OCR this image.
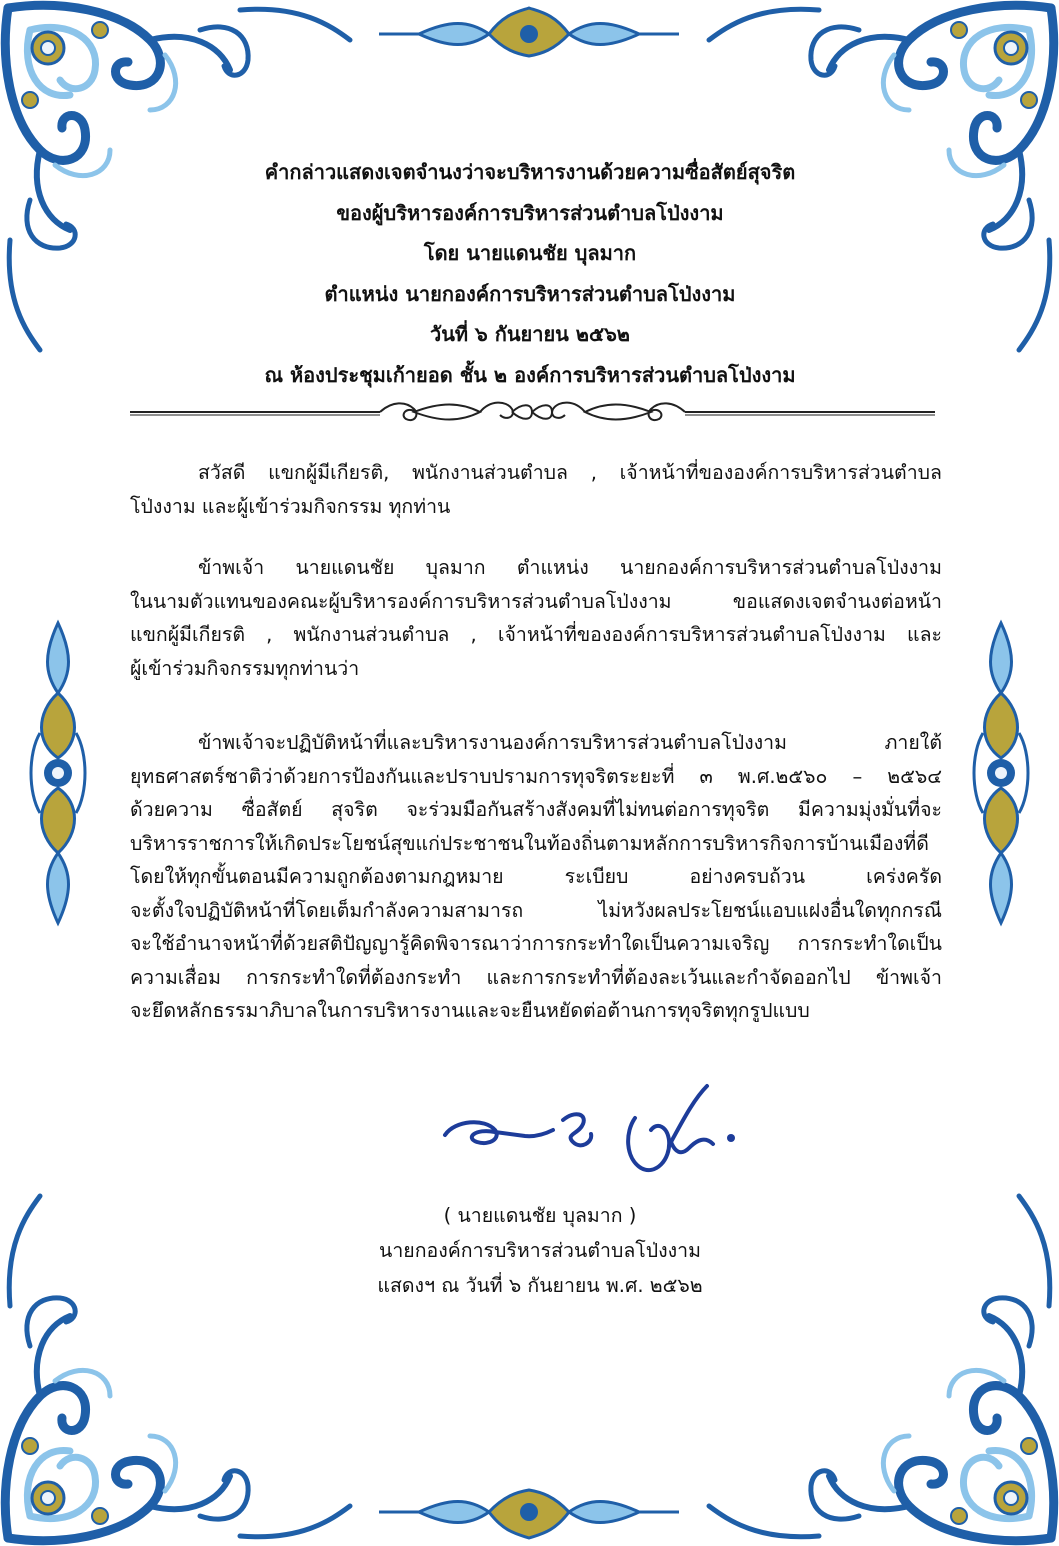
คำกล่าวแสดงเจตจำนงว่าจะบริหารงานด้วยความซื่อสัตย์สุจริต
ของผู้บริหารองค์การบริหารส่วนตำบลโป่งงาม
โดย นายแดนชัย บุลมาก
ตำแหน่ง นายกองค์การบริหารส่วนตำบลโป่งงาม
วันที่ ๖ กันยายน ๒๕๖๒
ณ ห้องประชุมเก้ายอด ชั้น ๒ องค์การบริหารส่วนตำบลโป่งงาม
สวัสดี แขกผู้มีเกียรติ, พนักงานส่วนตำบล , เจ้าหน้าที่ขององค์การบริหารส่วนตำบล
โป่งงาม และผู้เข้าร่วมกิจกรรม ทุกท่าน
ข้าพเจ้า นายแดนชัย บุลมาก ตำแหน่ง นายกองค์การบริหารส่วนตำบลโป่งงาม
ในนามตัวแทนของคณะผู้บริหารองค์การบริหารส่วนตำบลโป่งงาม ขอแสดงเจตจำนงต่อหน้า
แขกผู้มีเกียรติ , พนักงานส่วนตำบล , เจ้าหน้าที่ขององค์การบริหารส่วนตำบลโป่งงาม และ
ผู้เข้าร่วมกิจกรรมทุกท่านว่า
ข้าพเจ้าจะปฏิบัติหน้าที่และบริหารงานองค์การบริหารส่วนตำบลโป่งงาม ภายใต้
ยุทธศาสตร์ชาติว่าด้วยการป้องกันและปราบปรามการทุจริตระยะที่ ๓ พ.ศ.๒๕๖๐ – ๒๕๖๔
ด้วยความ ซื่อสัตย์ สุจริต จะร่วมมือกันสร้างสังคมที่ไม่ทนต่อการทุจริต มีความมุ่งมั่นที่จะ
บริหารราชการให้เกิดประโยชน์สุขแก่ประชาชนในท้องถิ่นตามหลักการบริหารกิจการบ้านเมืองที่ดี
โดยให้ทุกขั้นตอนมีความถูกต้องตามกฎหมาย ระเบียบ อย่างครบถ้วน เคร่งครัด
จะตั้งใจปฏิบัติหน้าที่โดยเต็มกำลังความสามารถ ไม่หวังผลประโยชน์แอบแฝงอื่นใดทุกกรณี
จะใช้อำนาจหน้าที่ด้วยสติปัญญารู้คิดพิจารณาว่าการกระทำใดเป็นความเจริญ การกระทำใดเป็น
ความเสื่อม การกระทำใดที่ต้องกระทำ และการกระทำที่ต้องละเว้นและกำจัดออกไป ข้าพเจ้า
จะยึดหลักธรรมาภิบาลในการบริหารงานและจะยืนหยัดต่อต้านการทุจริตทุกรูปแบบ
( นายแดนชัย บุลมาก )
นายกองค์การบริหารส่วนตำบลโป่งงาม
แสดงฯ ณ วันที่ ๖ กันยายน พ.ศ. ๒๕๖๒
